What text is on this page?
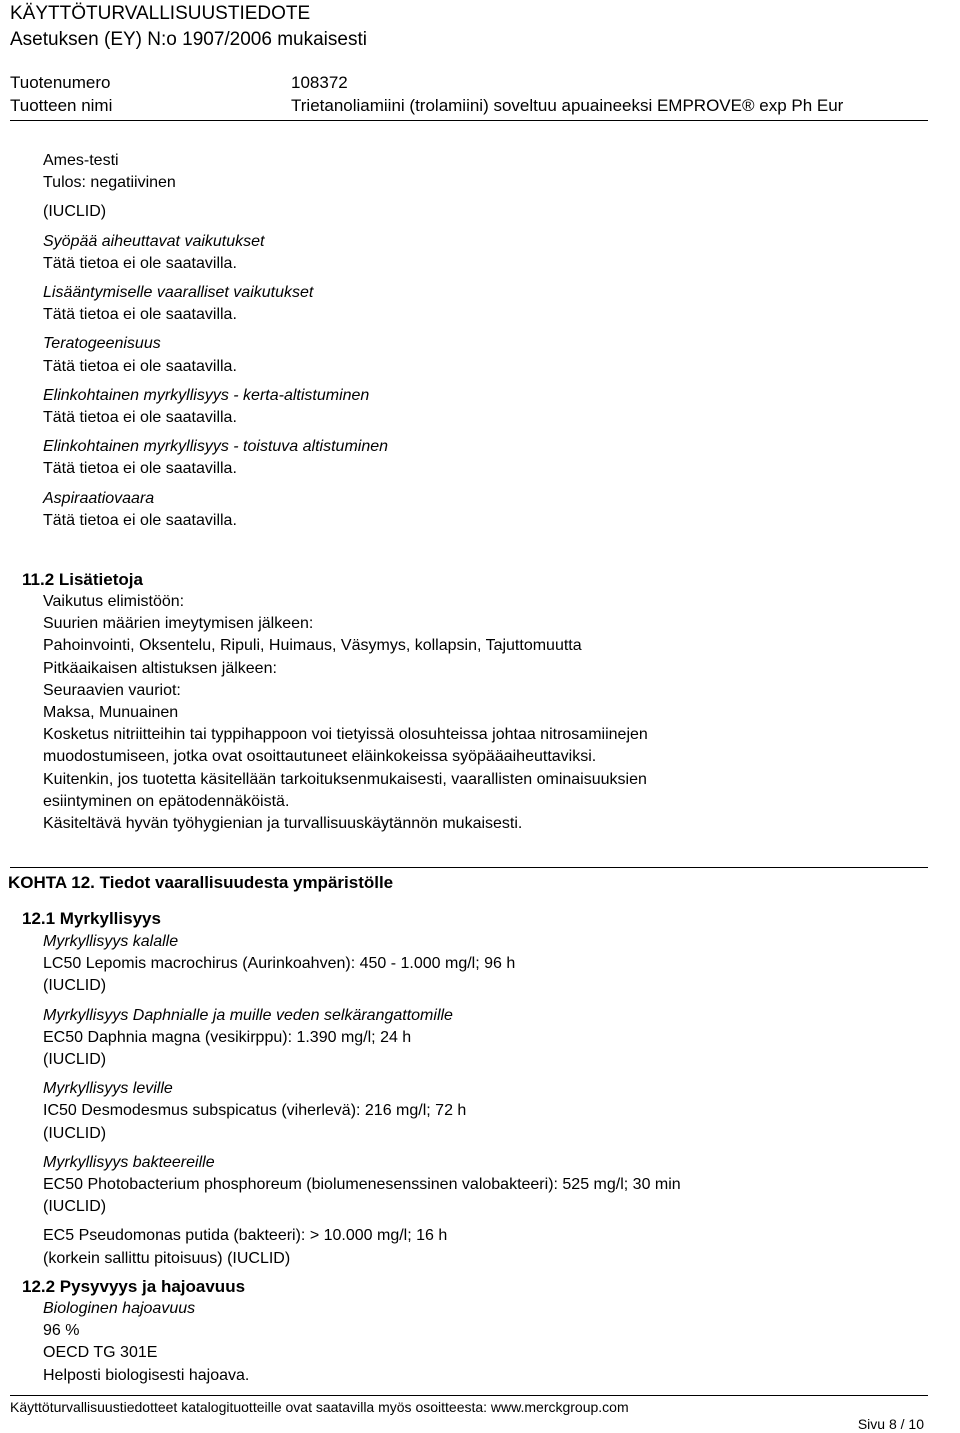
KÄYTTÖTURVALLISUUSTIEDOTE
Asetuksen (EY) N:o 1907/2006 mukaisesti
Tuotenumero	108372
Tuotteen nimi	Trietanoliamiini (trolamiini) soveltuu apuaineeksi EMPROVE® exp Ph Eur
Ames-testi
Tulos: negatiivinen
(IUCLID)
Syöpää aiheuttavat vaikutukset
Tätä tietoa ei ole saatavilla.
Lisääntymiselle vaaralliset vaikutukset
Tätä tietoa ei ole saatavilla.
Teratogeenisuus
Tätä tietoa ei ole saatavilla.
Elinkohtainen myrkyllisyys - kerta-altistuminen
Tätä tietoa ei ole saatavilla.
Elinkohtainen myrkyllisyys - toistuva altistuminen
Tätä tietoa ei ole saatavilla.
Aspiraatiovaara
Tätä tietoa ei ole saatavilla.
11.2 Lisätietoja
Vaikutus elimistöön:
Suurien määrien imeytymisen jälkeen:
Pahoinvointi, Oksentelu, Ripuli, Huimaus, Väsymys, kollapsin, Tajuttomuutta
Pitkäaikaisen altistuksen jälkeen:
Seuraavien vauriot:
Maksa, Munuainen
Kosketus nitriitteihin tai typpihappoon voi tietyissä olosuhteissa johtaa nitrosamiinejen
muodostumiseen, jotka ovat osoittautuneet eläinkokeissa syöpääaiheuttaviksi.
Kuitenkin, jos tuotetta käsitellään tarkoituksenmukaisesti, vaarallisten ominaisuuksien
esiintyminen on epätodennäköistä.
Käsiteltävä hyvän työhygienian ja turvallisuuskäytännön mukaisesti.
KOHTA 12. Tiedot vaarallisuudesta ympäristölle
12.1 Myrkyllisyys
Myrkyllisyys kalalle
LC50 Lepomis macrochirus (Aurinkoahven): 450 - 1.000 mg/l; 96 h
(IUCLID)
Myrkyllisyys Daphnialle ja muille veden selkärangattomille
EC50 Daphnia magna (vesikirppu): 1.390 mg/l; 24 h
(IUCLID)
Myrkyllisyys leville
IC50 Desmodesmus subspicatus (viherlevä): 216 mg/l; 72 h
(IUCLID)
Myrkyllisyys bakteereille
EC50 Photobacterium phosphoreum (biolumenesenssinen valobakteeri): 525 mg/l; 30 min
(IUCLID)
EC5 Pseudomonas putida (bakteeri): > 10.000 mg/l; 16 h
(korkein sallittu pitoisuus) (IUCLID)
12.2 Pysyvyys ja hajoavuus
Biologinen hajoavuus
96 %
OECD TG 301E
Helposti biologisesti hajoava.
Käyttöturvallisuustiedotteet katalogituotteille ovat saatavilla myös osoitteesta: www.merckgroup.com
Sivu 8 / 10
